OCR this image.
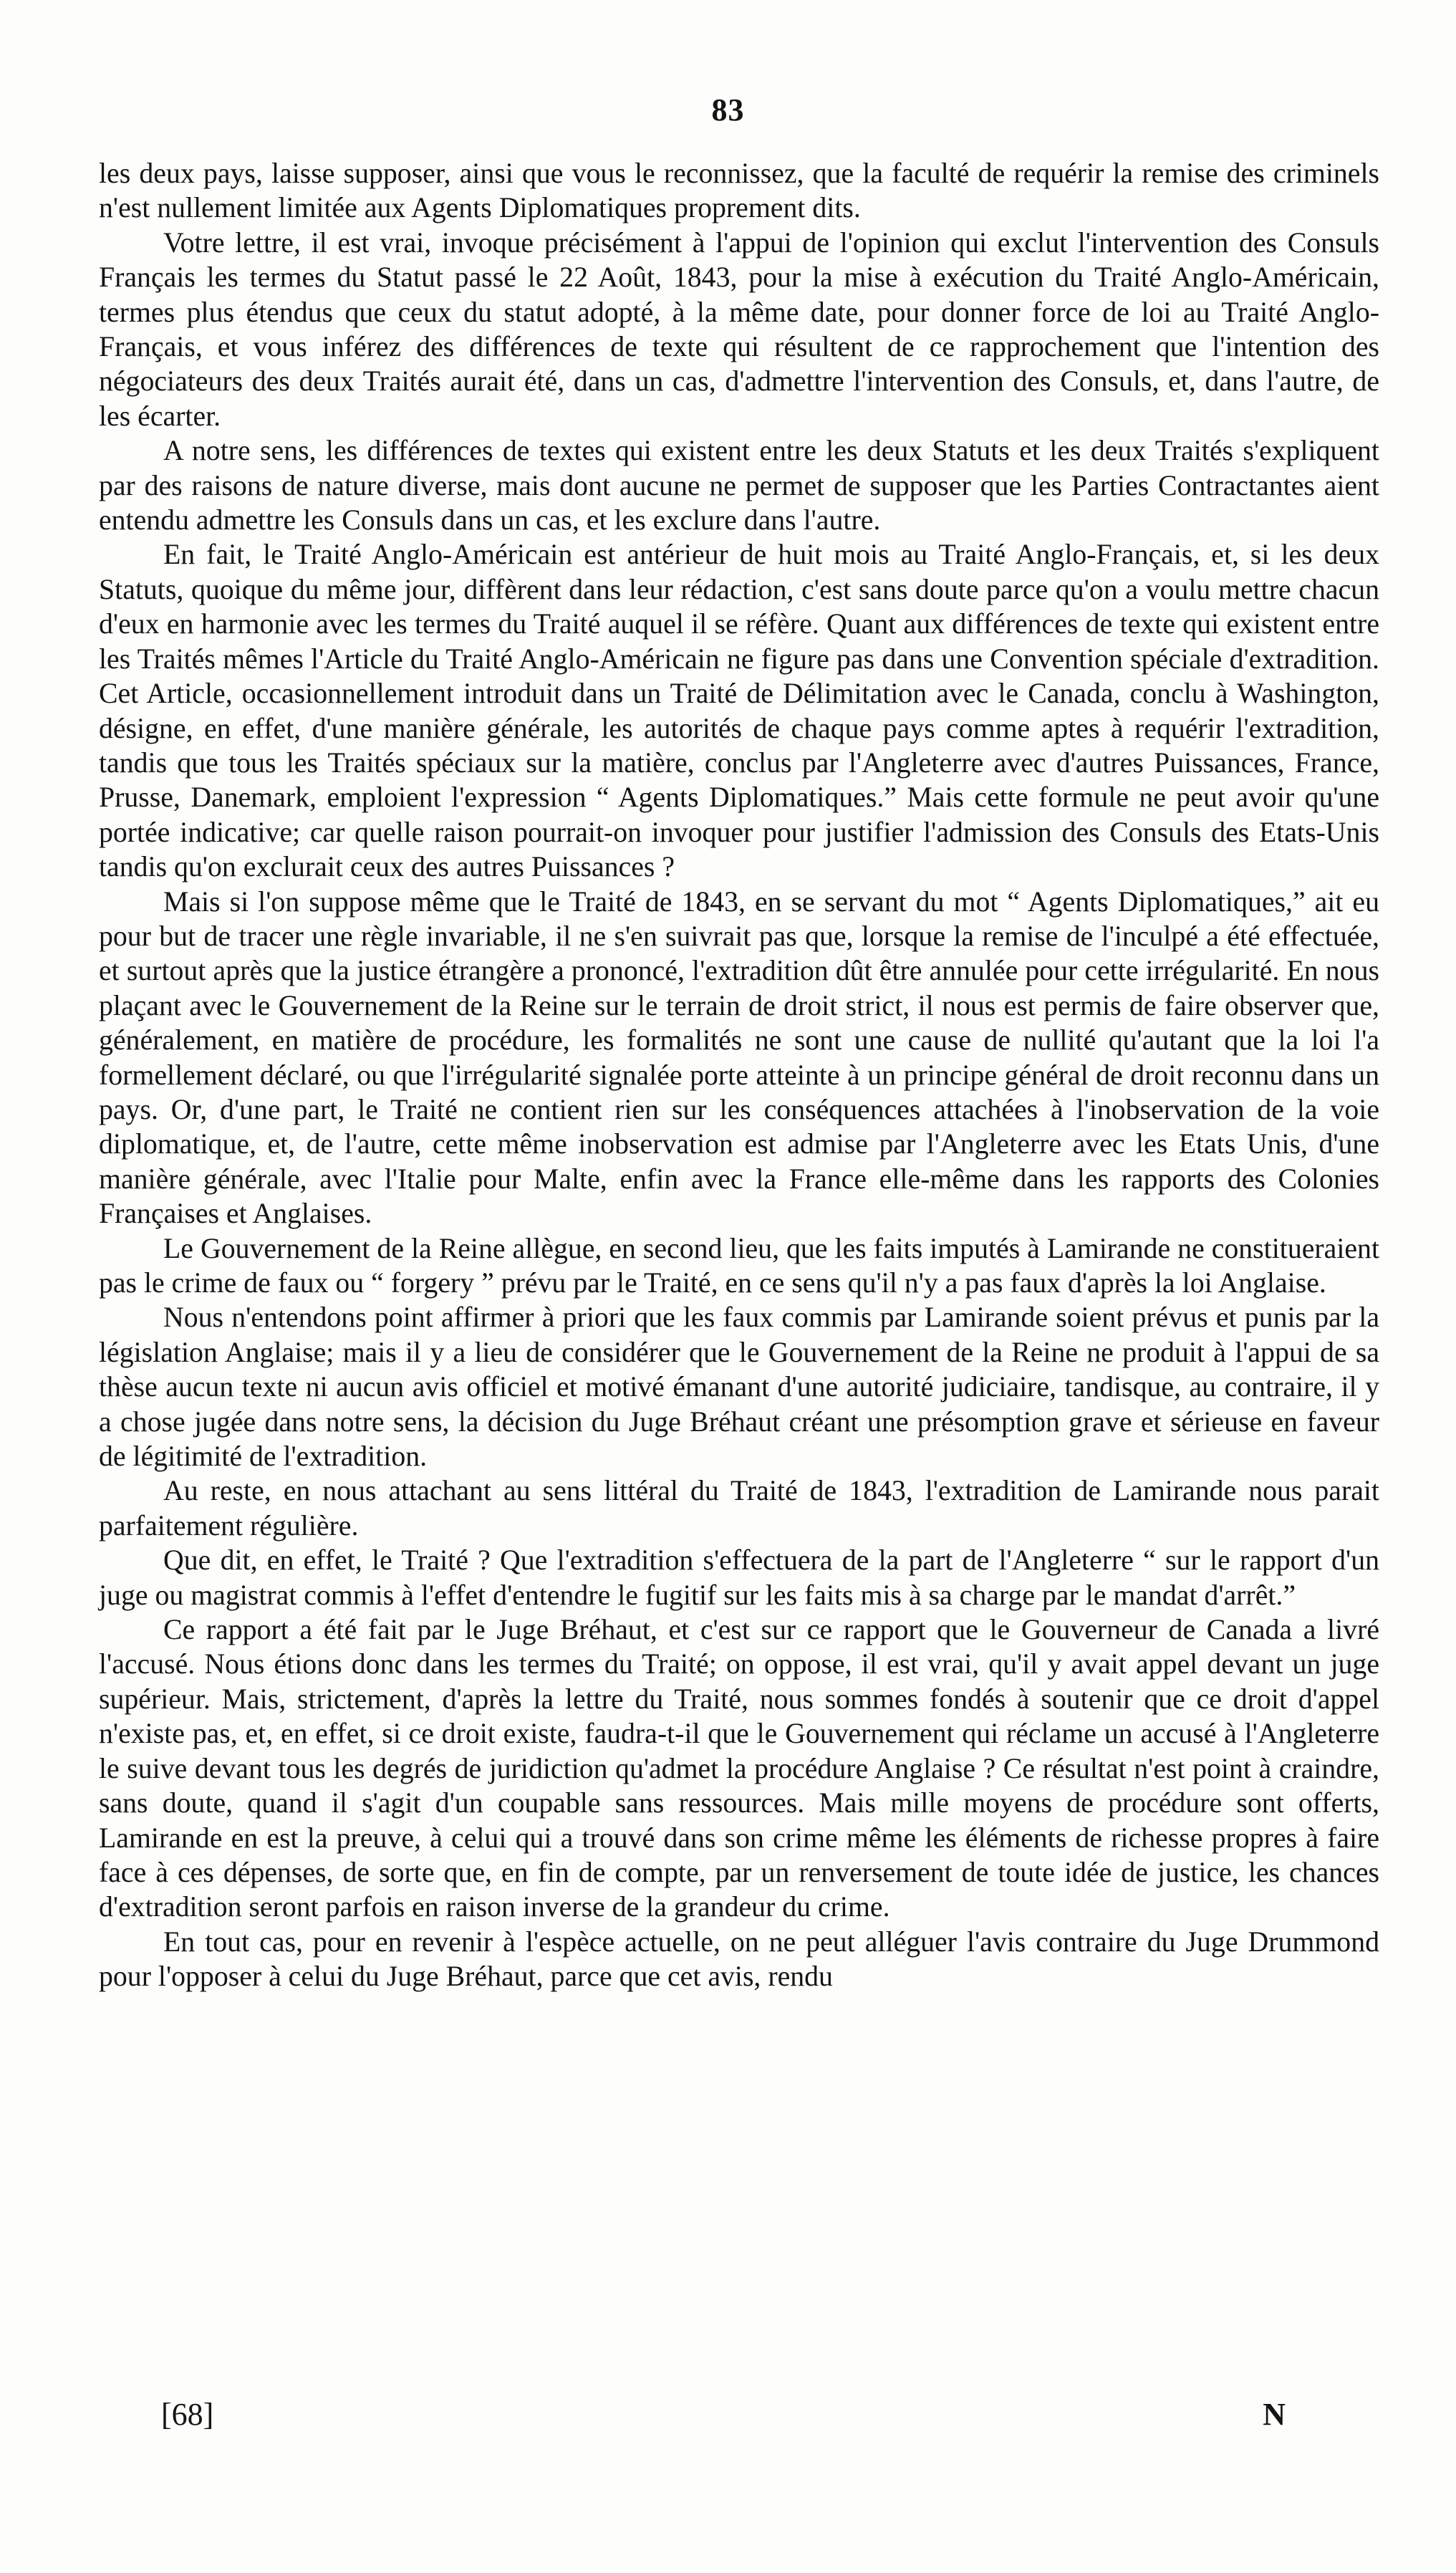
83

les deux pays, laisse supposer, ainsi que vous le reconnissez, que la faculté de requérir la remise des criminels n'est nullement limitée aux Agents Diplomatiques proprement dits.

Votre lettre, il est vrai, invoque précisément à l'appui de l'opinion qui exclut l'intervention des Consuls Français les termes du Statut passé le 22 Août, 1843, pour la mise à exécution du Traité Anglo-Américain, termes plus étendus que ceux du statut adopté, à la même date, pour donner force de loi au Traité Anglo-Français, et vous inférez des différences de texte qui résultent de ce rapprochement que l'intention des négociateurs des deux Traités aurait été, dans un cas, d'admettre l'intervention des Consuls, et, dans l'autre, de les écarter.

A notre sens, les différences de textes qui existent entre les deux Statuts et les deux Traités s'expliquent par des raisons de nature diverse, mais dont aucune ne permet de supposer que les Parties Contractantes aient entendu admettre les Consuls dans un cas, et les exclure dans l'autre.

En fait, le Traité Anglo-Américain est antérieur de huit mois au Traité Anglo-Français, et, si les deux Statuts, quoique du même jour, diffèrent dans leur rédaction, c'est sans doute parce qu'on a voulu mettre chacun d'eux en harmonie avec les termes du Traité auquel il se réfère. Quant aux différences de texte qui existent entre les Traités mêmes l'Article du Traité Anglo-Américain ne figure pas dans une Convention spéciale d'extradition. Cet Article, occasionnellement introduit dans un Traité de Délimitation avec le Canada, conclu à Washington, désigne, en effet, d'une manière générale, les autorités de chaque pays comme aptes à requérir l'extradition, tandis que tous les Traités spéciaux sur la matière, conclus par l'Angleterre avec d'autres Puissances, France, Prusse, Danemark, emploient l'expression “ Agents Diplomatiques.” Mais cette formule ne peut avoir qu'une portée indicative; car quelle raison pourrait-on invoquer pour justifier l'admission des Consuls des Etats-Unis tandis qu'on exclurait ceux des autres Puissances ?

Mais si l'on suppose même que le Traité de 1843, en se servant du mot “ Agents Diplomatiques,” ait eu pour but de tracer une règle invariable, il ne s'en suivrait pas que, lorsque la remise de l'inculpé a été effectuée, et surtout après que la justice étrangère a prononcé, l'extradition dût être annulée pour cette irrégularité. En nous plaçant avec le Gouvernement de la Reine sur le terrain de droit strict, il nous est permis de faire observer que, généralement, en matière de procédure, les formalités ne sont une cause de nullité qu'autant que la loi l'a formellement déclaré, ou que l'irrégularité signalée porte atteinte à un principe général de droit reconnu dans un pays. Or, d'une part, le Traité ne contient rien sur les conséquences attachées à l'inobservation de la voie diplomatique, et, de l'autre, cette même inobservation est admise par l'Angleterre avec les Etats Unis, d'une manière générale, avec l'Italie pour Malte, enfin avec la France elle-même dans les rapports des Colonies Françaises et Anglaises.

Le Gouvernement de la Reine allègue, en second lieu, que les faits imputés à Lamirande ne constitueraient pas le crime de faux ou “ forgery ” prévu par le Traité, en ce sens qu'il n'y a pas faux d'après la loi Anglaise.

Nous n'entendons point affirmer à priori que les faux commis par Lamirande soient prévus et punis par la législation Anglaise; mais il y a lieu de considérer que le Gouvernement de la Reine ne produit à l'appui de sa thèse aucun texte ni aucun avis officiel et motivé émanant d'une autorité judiciaire, tandisque, au contraire, il y a chose jugée dans notre sens, la décision du Juge Bréhaut créant une présomption grave et sérieuse en faveur de légitimité de l'extradition.

Au reste, en nous attachant au sens littéral du Traité de 1843, l'extradition de Lamirande nous parait parfaitement régulière.

Que dit, en effet, le Traité ? Que l'extradition s'effectuera de la part de l'Angleterre “ sur le rapport d'un juge ou magistrat commis à l'effet d'entendre le fugitif sur les faits mis à sa charge par le mandat d'arrêt.”

Ce rapport a été fait par le Juge Bréhaut, et c'est sur ce rapport que le Gouverneur de Canada a livré l'accusé. Nous étions donc dans les termes du Traité; on oppose, il est vrai, qu'il y avait appel devant un juge supérieur. Mais, strictement, d'après la lettre du Traité, nous sommes fondés à soutenir que ce droit d'appel n'existe pas, et, en effet, si ce droit existe, faudra-t-il que le Gouvernement qui réclame un accusé à l'Angleterre le suive devant tous les degrés de juridiction qu'admet la procédure Anglaise ? Ce résultat n'est point à craindre, sans doute, quand il s'agit d'un coupable sans ressources. Mais mille moyens de procédure sont offerts, Lamirande en est la preuve, à celui qui a trouvé dans son crime même les éléments de richesse propres à faire face à ces dépenses, de sorte que, en fin de compte, par un renversement de toute idée de justice, les chances d'extradition seront parfois en raison inverse de la grandeur du crime.

En tout cas, pour en revenir à l'espèce actuelle, on ne peut alléguer l'avis contraire du Juge Drummond pour l'opposer à celui du Juge Bréhaut, parce que cet avis, rendu

[68]	N
